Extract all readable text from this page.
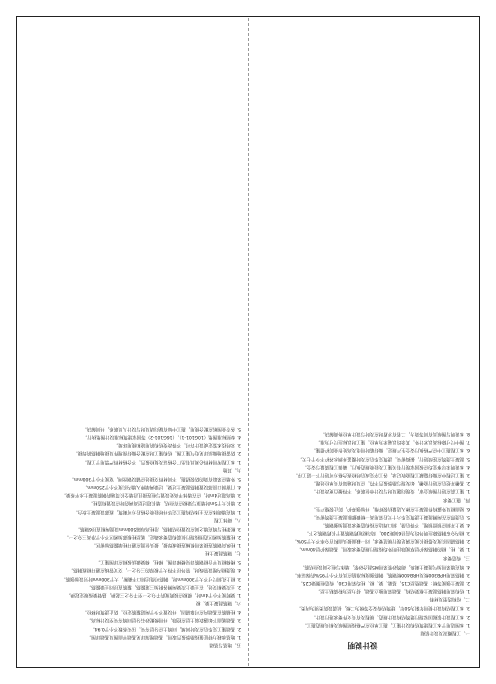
设计说明

一、工程概况及设计依据

1. 本图适用于本工程建筑结构设计施工，施工单位应严格按照图纸及相关规范施工。

2. 本工程设计依据国家现行建筑结构设计规范、规程及有关文件要求进行设计。

3. 本工程结构设计使用年限为50年，建筑结构安全等级为二级，抗震设防类别为丙类。

二、结构选型及材料

1. 结构采用钢筋混凝土框架结构，基础采用独立基础，持力层为粉质粘土层。

2. 混凝土强度等级：基础垫层C15，基础、梁、板、柱均采用C30，构造柱圈梁C25。

3. 钢筋采用HPB300级及HRB400级钢筋，钢筋强度标准值应具有不小于95%的保证率。

4. 填充墙采用加气混凝土砌块，砌筑砂浆采用M5混合砂浆，墙体与柱之间设拉结筋。

三、构造要求

1. 梁、柱、板的钢筋保护层厚度除注明外均按现行规范要求取用，基础保护层40mm。

2. 钢筋锚固长度及搭接长度应满足现行规范要求，同一截面接头面积百分率不大于50%。

3. 板内分布钢筋除注明外均为直径6间距200，双向板短跨钢筋置于长跨钢筋之下。

4. 梁上开洞应预留预埋，不得后凿，洞口周边应按构造要求设置加强钢筋。

5. 后浇带应在两侧混凝土浇筑完毕六十天后采用高一级微膨胀混凝土浇筑密实。

6. 屋面板及外露构件混凝土应掺入适量抗裂纤维，并加强养护，防止裂缝产生。

四、施工要求

1. 施工前应进行图纸会审，发现问题及时与设计单位联系，不得擅自更改设计。

2. 基槽开挖后应进行验槽，如发现与勘察报告不符，应及时通知有关单位处理。

3. 施工过程中应做好隐蔽工程验收记录，各工序完成后经检查合格方可进行下一道工序。

4. 本说明未尽事宜均应按国家现行有关施工及验收规范执行，确保工程质量与安全。

5. 混凝土浇筑应连续进行，振捣密实，浇筑完毕后应及时覆盖并洒水养护不少于七天。

6. 本工程施工中应严格执行安全生产规定，做好临时用电及高处作业防护措施。

7. 图中尺寸除标高以米计外，其余均以毫米为单位，施工时以标注尺寸为准。

8. 本说明与图纸具有同等效力，二者有矛盾时应及时与设计单位协商解决。

五、地基与基础

1. 地基承载力特征值按勘察报告取用，基础埋深详见基础平面图及基础详图。

2. 基础施工完毕后应及时回填，回填土应分层夯实，压实系数不小于0.94。

3. 基础底面下如遇软弱土层应挖除，并用级配砂石分层回填夯实至设计标高。

4. 柱插筋在基础内应可靠锚固，并设置不少于两道箍筋定位，防止浇筑时移位。

六、钢筋混凝土梁、板

1. 梁跨度不小于4m时，模板应按跨度的千分之一至千分之三起拱，悬臂梁按规定起拱。

2. 主次梁相交处，在主梁上次梁两侧各附加三道箍筋，箍筋直径同主梁箍筋。

3. 板上孔洞尺寸不大于300mm时，钢筋可绕过洞口不截断，大于300mm时另设加强筋。

4. 现浇板内埋设管线时，管外径不得大于板厚的三分之一，交叉管线应避开板底钢筋。

5. 楼梯板及平台板钢筋详见楼梯详图，梯柱、梯梁做法按相应详图施工。

七、钢筋混凝土柱

1. 柱纵向钢筋连接采用机械连接或焊接，接头位置应避开柱端箍筋加密区。

2. 柱箍筋加密区范围按现行抗震构造要求确定，底层柱根部加密区不小于净高三分之一。

3. 框架柱与填充墙之间应设置拉结钢筋，沿柱高每隔500mm设置两根直径6钢筋。

八、砌体工程

1. 填充墙砌体应在主体结构施工完毕并经验收合格后方可砌筑，底部设混凝土坎台。

2. 墙长大于5m时墙顶与梁板应有拉结，墙长超过层高两倍时应设置构造柱。

3. 墙高超过4m时，应在墙体半高处设置与柱连接且沿墙全长贯通的钢筋混凝土水平系梁。

4. 门窗洞口顶部设置钢筋混凝土过梁，过梁两端伸入墙内长度不小于250mm。

5. 外墙应采取有效的防裂措施，不同材料交接处应铺设钢丝网，宽度不小于300mm。

九、其他

1. 本工程所用材料必须具有出厂合格证及复检报告，不合格材料严禁用于工程。

2. 防雷接地做法详见电气施工图，结构施工时应配合做好预埋件及接地钢筋的焊接。

3. 未经技术鉴定或设计许可，不得改变结构的用途和使用环境。

4. 参照标准图集（10G101-1）、（16G101-2）等国家建筑标准设计图集执行。

5. 各专业图纸应配合使用，施工中如有疑问请及时与设计人员联系，共同解决。
